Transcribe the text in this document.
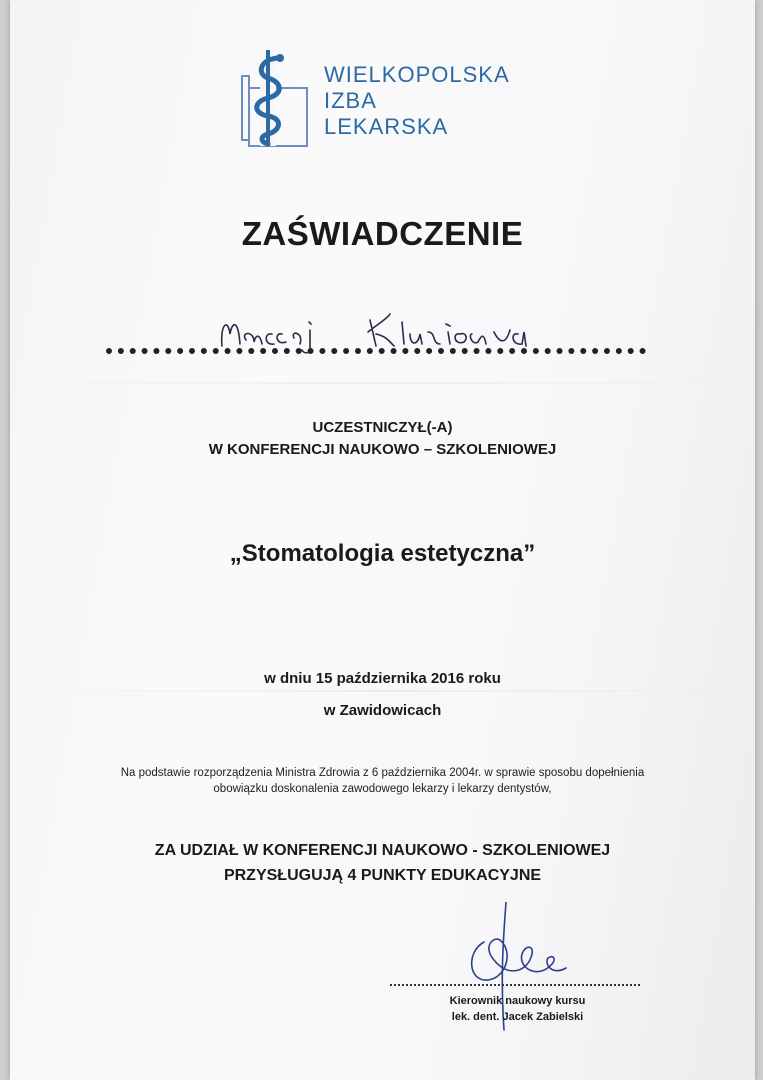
WIELKOPOLSKA
IZBA
LEKARSKA
ZAŚWIADCZENIE
UCZESTNICZYŁ(-A)
W KONFERENCJI NAUKOWO – SZKOLENIOWEJ
„Stomatologia estetyczna”
w dniu 15 października 2016 roku
w Zawidowicach
Na podstawie rozporządzenia Ministra Zdrowia z 6 października 2004r. w sprawie sposobu dopełnienia
obowiązku doskonalenia zawodowego lekarzy i lekarzy dentystów,
ZA UDZIAŁ W KONFERENCJI NAUKOWO - SZKOLENIOWEJ
PRZYSŁUGUJĄ 4 PUNKTY EDUKACYJNE
Kierownik naukowy kursu
lek. dent. Jacek Zabielski
